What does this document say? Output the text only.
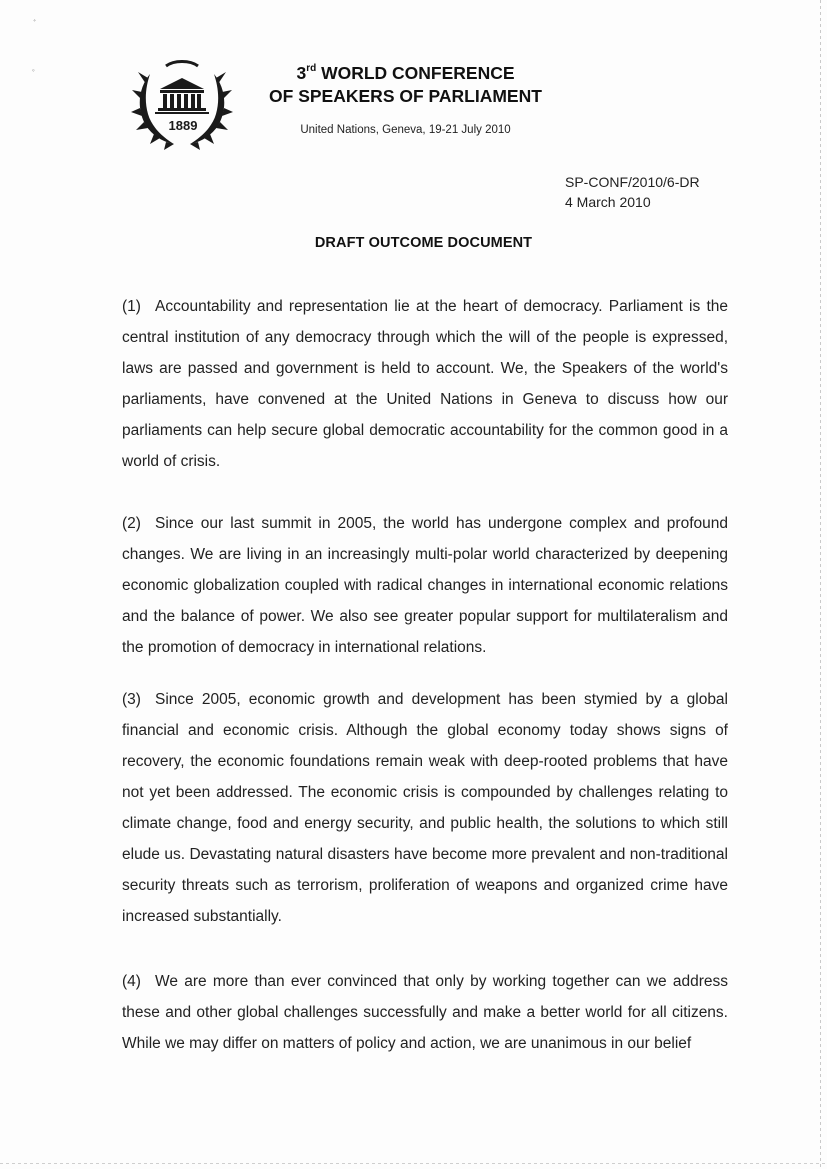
ﾞ
ﾟ
1889
3rd WORLD CONFERENCE
OF SPEAKERS OF PARLIAMENT
United Nations, Geneva, 19-21 July 2010
SP-CONF/2010/6-DR
4 March 2010
DRAFT OUTCOME DOCUMENT

(1) Accountability and representation lie at the heart of democracy. Parliament is the central institution of any democracy through which the will of the people is expressed, laws are passed and government is held to account. We, the Speakers of the world's parliaments, have convened at the United Nations in Geneva to discuss how our parliaments can help secure global democratic accountability for the common good in a world of crisis.

(2) Since our last summit in 2005, the world has undergone complex and profound changes. We are living in an increasingly multi-polar world characterized by deepening economic globalization coupled with radical changes in international economic relations and the balance of power. We also see greater popular support for multilateralism and the promotion of democracy in international relations.

(3) Since 2005, economic growth and development has been stymied by a global financial and economic crisis. Although the global economy today shows signs of recovery, the economic foundations remain weak with deep-rooted problems that have not yet been addressed. The economic crisis is compounded by challenges relating to climate change, food and energy security, and public health, the solutions to which still elude us. Devastating natural disasters have become more prevalent and non-traditional security threats such as terrorism, proliferation of weapons and organized crime have increased substantially.

(4) We are more than ever convinced that only by working together can we address these and other global challenges successfully and make a better world for all citizens. While we may differ on matters of policy and action, we are unanimous in our belief
